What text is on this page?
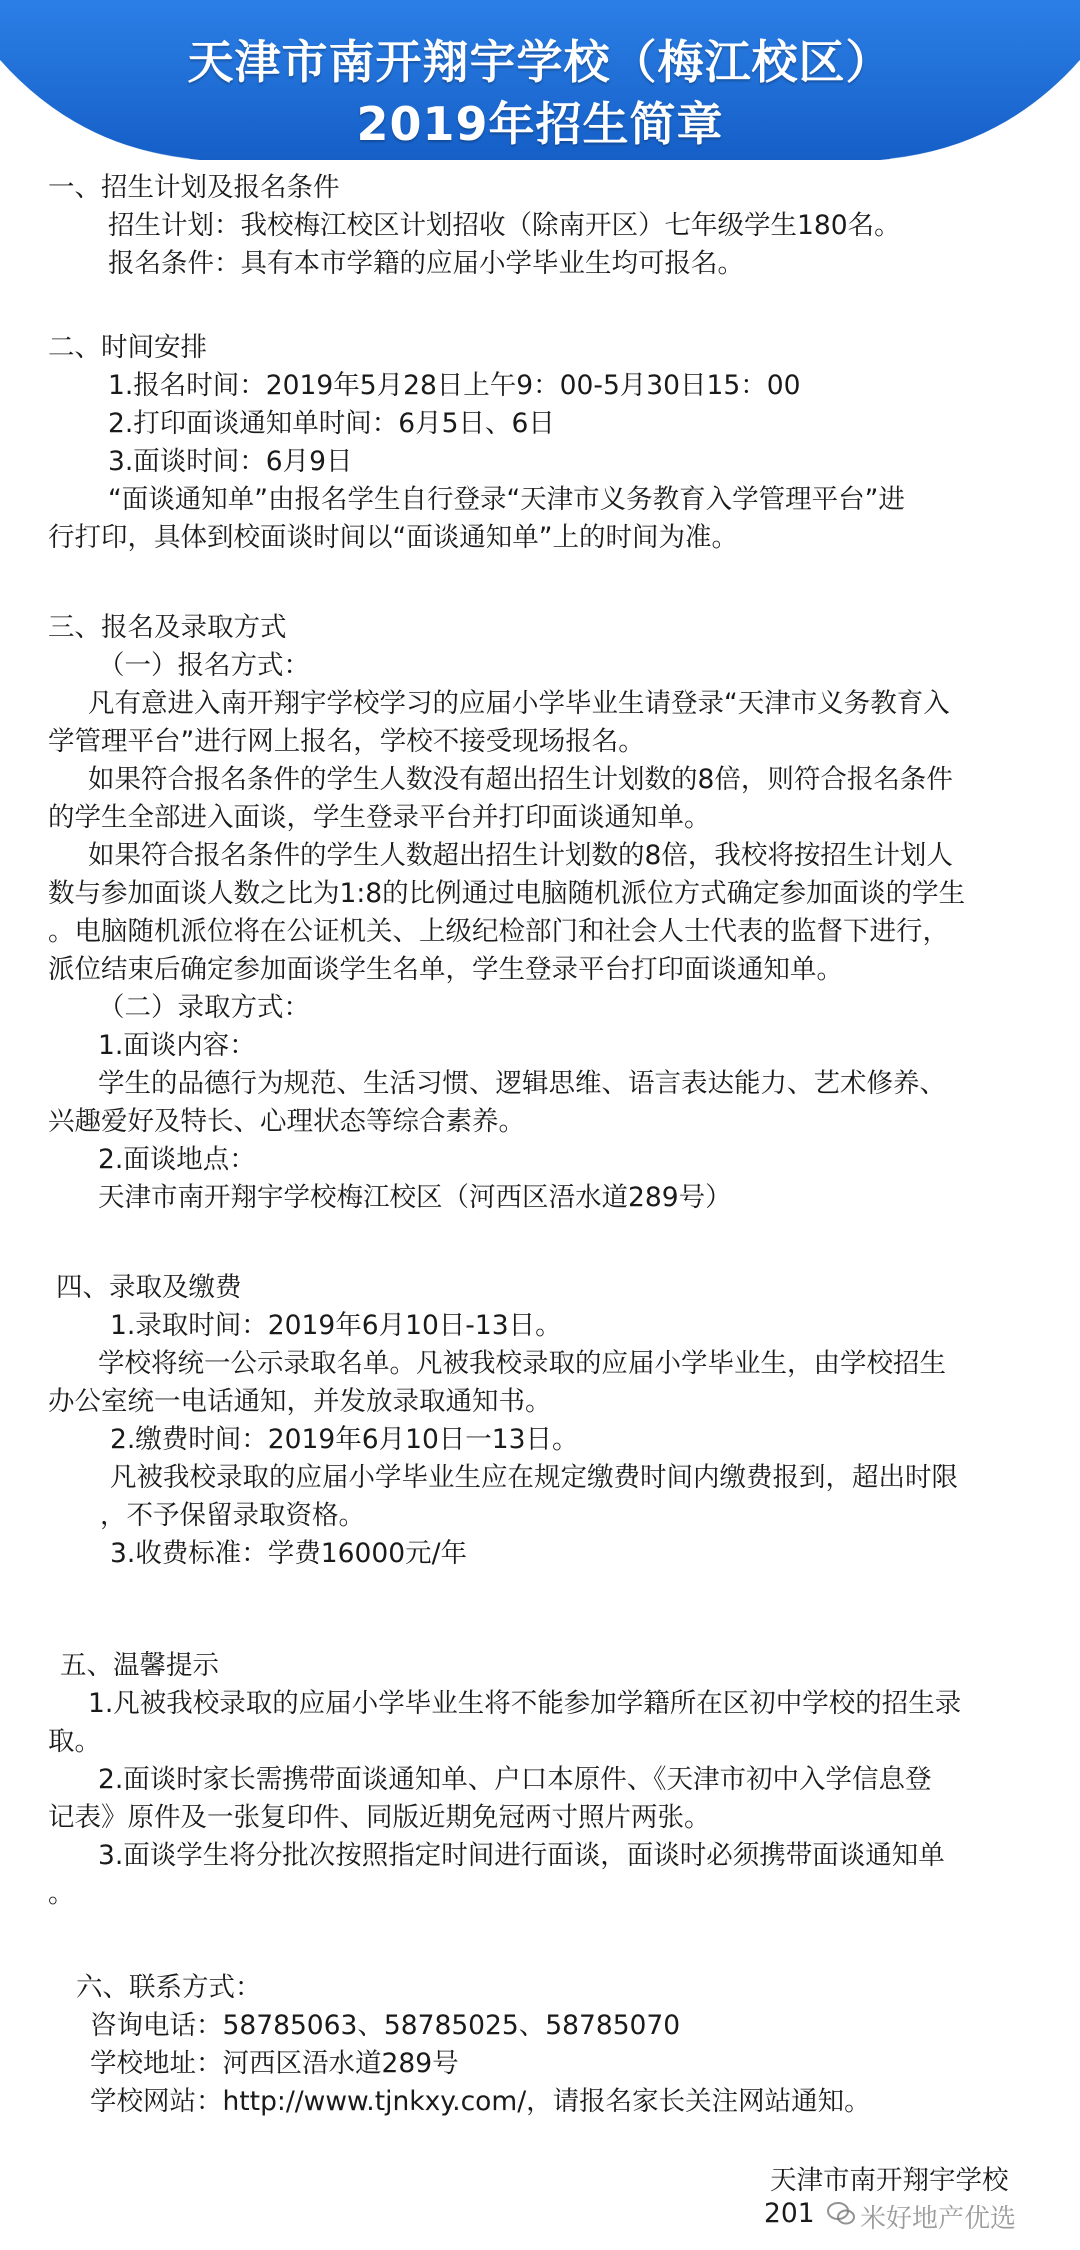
天津市南开翔宇学校（梅江校区）
2019年招生简章
一、招生计划及报名条件
招生计划：我校梅江校区计划招收（除南开区）七年级学生180名。
报名条件：具有本市学籍的应届小学毕业生均可报名。
二、时间安排
1.报名时间：2019年5月28日上午9：00-5月30日15：00
2.打印面谈通知单时间：6月5日、6日
3.面谈时间：6月9日
“面谈通知单”由报名学生自行登录“天津市义务教育入学管理平台”进
行打印，具体到校面谈时间以“面谈通知单”上的时间为准。
三、报名及录取方式
（一）报名方式：
凡有意进入南开翔宇学校学习的应届小学毕业生请登录“天津市义务教育入
学管理平台”进行网上报名，学校不接受现场报名。
如果符合报名条件的学生人数没有超出招生计划数的8倍，则符合报名条件
的学生全部进入面谈，学生登录平台并打印面谈通知单。
如果符合报名条件的学生人数超出招生计划数的8倍，我校将按招生计划人
数与参加面谈人数之比为1:8的比例通过电脑随机派位方式确定参加面谈的学生
。电脑随机派位将在公证机关、上级纪检部门和社会人士代表的监督下进行，
派位结束后确定参加面谈学生名单，学生登录平台打印面谈通知单。
（二）录取方式：
1.面谈内容：
学生的品德行为规范、生活习惯、逻辑思维、语言表达能力、艺术修养、
兴趣爱好及特长、心理状态等综合素养。
2.面谈地点：
天津市南开翔宇学校梅江校区（河西区浯水道289号）
四、录取及缴费
1.录取时间：2019年6月10日-13日。
学校将统一公示录取名单。凡被我校录取的应届小学毕业生，由学校招生
办公室统一电话通知，并发放录取通知书。
2.缴费时间：2019年6月10日一13日。
凡被我校录取的应届小学毕业生应在规定缴费时间内缴费报到，超出时限
，不予保留录取资格。
3.收费标准：学费16000元/年
五、温馨提示
1.凡被我校录取的应届小学毕业生将不能参加学籍所在区初中学校的招生录
取。
2.面谈时家长需携带面谈通知单、户口本原件、《天津市初中入学信息登
记表》原件及一张复印件、同版近期免冠两寸照片两张。
3.面谈学生将分批次按照指定时间进行面谈，面谈时必须携带面谈通知单
。
六、联系方式：
咨询电话：58785063、58785025、58785070
学校地址：河西区浯水道289号
学校网站：http://www.tjnkxy.com/，请报名家长关注网站通知。
天津市南开翔宇学校
201 米好地产优选
